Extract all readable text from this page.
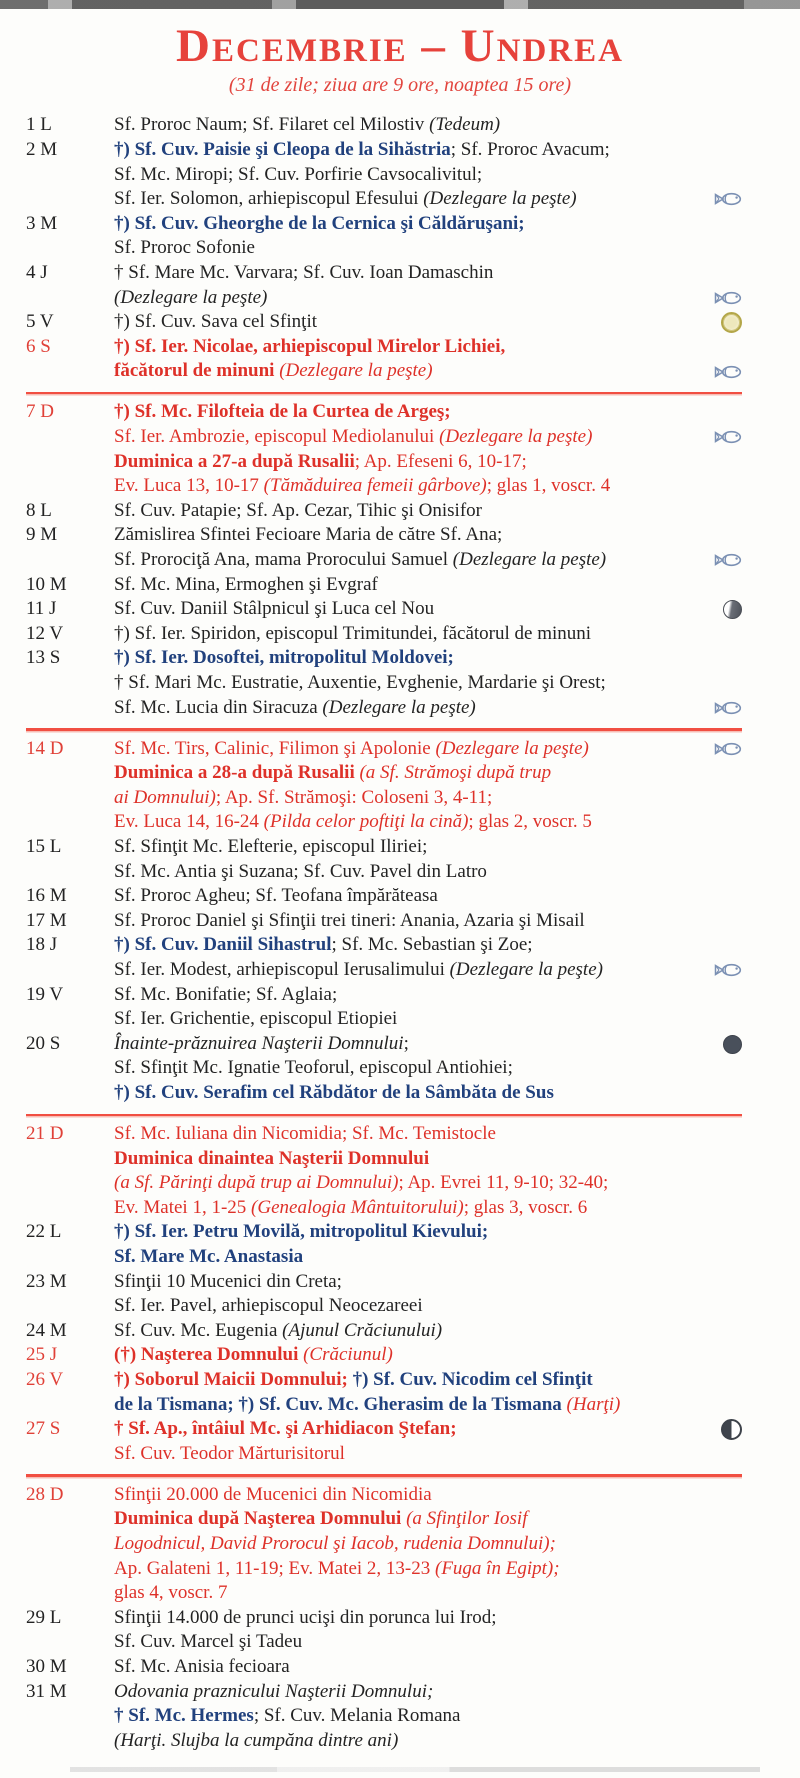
Decembrie – Undrea
(31 de zile; ziua are 9 ore, noaptea 15 ore)
1 L	Sf. Proroc Naum; Sf. Filaret cel Milostiv (Tedeum)
2 M	†) Sf. Cuv. Paisie şi Cleopa de la Sihăstria; Sf. Proroc Avacum;
Sf. Mc. Miropi; Sf. Cuv. Porfirie Cavsocalivitul;
Sf. Ier. Solomon, arhiepiscopul Efesului (Dezlegare la peşte)
3 M	†) Sf. Cuv. Gheorghe de la Cernica şi Căldăruşani;
Sf. Proroc Sofonie
4 J	† Sf. Mare Mc. Varvara; Sf. Cuv. Ioan Damaschin
(Dezlegare la peşte)
5 V	†) Sf. Cuv. Sava cel Sfinţit
6 S	†) Sf. Ier. Nicolae, arhiepiscopul Mirelor Lichiei,
făcătorul de minuni (Dezlegare la peşte)
7 D	†) Sf. Mc. Filofteia de la Curtea de Argeş;
Sf. Ier. Ambrozie, episcopul Mediolanului (Dezlegare la peşte)
Duminica a 27-a după Rusalii; Ap. Efeseni 6, 10-17;
Ev. Luca 13, 10-17 (Tămăduirea femeii gârbove); glas 1, voscr. 4
8 L	Sf. Cuv. Patapie; Sf. Ap. Cezar, Tihic şi Onisifor
9 M	Zămislirea Sfintei Fecioare Maria de către Sf. Ana;
Sf. Prorociţă Ana, mama Prorocului Samuel (Dezlegare la peşte)
10 M	Sf. Mc. Mina, Ermoghen şi Evgraf
11 J	Sf. Cuv. Daniil Stâlpnicul şi Luca cel Nou
12 V	†) Sf. Ier. Spiridon, episcopul Trimitundei, făcătorul de minuni
13 S	†) Sf. Ier. Dosoftei, mitropolitul Moldovei;
† Sf. Mari Mc. Eustratie, Auxentie, Evghenie, Mardarie şi Orest;
Sf. Mc. Lucia din Siracuza (Dezlegare la peşte)
14 D	Sf. Mc. Tirs, Calinic, Filimon şi Apolonie (Dezlegare la peşte)
Duminica a 28-a după Rusalii (a Sf. Strămoşi după trup
ai Domnului); Ap. Sf. Strămoşi: Coloseni 3, 4-11;
Ev. Luca 14, 16-24 (Pilda celor poftiţi la cină); glas 2, voscr. 5
15 L	Sf. Sfinţit Mc. Elefterie, episcopul Iliriei;
Sf. Mc. Antia şi Suzana; Sf. Cuv. Pavel din Latro
16 M	Sf. Proroc Agheu; Sf. Teofana împărăteasa
17 M	Sf. Proroc Daniel şi Sfinţii trei tineri: Anania, Azaria şi Misail
18 J	†) Sf. Cuv. Daniil Sihastrul; Sf. Mc. Sebastian şi Zoe;
Sf. Ier. Modest, arhiepiscopul Ierusalimului (Dezlegare la peşte)
19 V	Sf. Mc. Bonifatie; Sf. Aglaia;
Sf. Ier. Grichentie, episcopul Etiopiei
20 S	Înainte-prăznuirea Naşterii Domnului;
Sf. Sfinţit Mc. Ignatie Teoforul, episcopul Antiohiei;
†) Sf. Cuv. Serafim cel Răbdător de la Sâmbăta de Sus
21 D	Sf. Mc. Iuliana din Nicomidia; Sf. Mc. Temistocle
Duminica dinaintea Naşterii Domnului
(a Sf. Părinţi după trup ai Domnului); Ap. Evrei 11, 9-10; 32-40;
Ev. Matei 1, 1-25 (Genealogia Mântuitorului); glas 3, voscr. 6
22 L	†) Sf. Ier. Petru Movilă, mitropolitul Kievului;
Sf. Mare Mc. Anastasia
23 M	Sfinţii 10 Mucenici din Creta;
Sf. Ier. Pavel, arhiepiscopul Neocezareei
24 M	Sf. Cuv. Mc. Eugenia (Ajunul Crăciunului)
25 J	(†) Naşterea Domnului (Crăciunul)
26 V	†) Soborul Maicii Domnului; †) Sf. Cuv. Nicodim cel Sfinţit
de la Tismana; †) Sf. Cuv. Mc. Gherasim de la Tismana (Harţi)
27 S	† Sf. Ap., întâiul Mc. şi Arhidiacon Ştefan;
Sf. Cuv. Teodor Mărturisitorul
28 D	Sfinţii 20.000 de Mucenici din Nicomidia
Duminica după Naşterea Domnului (a Sfinţilor Iosif
Logodnicul, David Prorocul şi Iacob, rudenia Domnului);
Ap. Galateni 1, 11-19; Ev. Matei 2, 13-23 (Fuga în Egipt);
glas 4, voscr. 7
29 L	Sfinţii 14.000 de prunci ucişi din porunca lui Irod;
Sf. Cuv. Marcel şi Tadeu
30 M	Sf. Mc. Anisia fecioara
31 M	Odovania praznicului Naşterii Domnului;
† Sf. Mc. Hermes; Sf. Cuv. Melania Romana
(Harţi. Slujba la cumpăna dintre ani)
